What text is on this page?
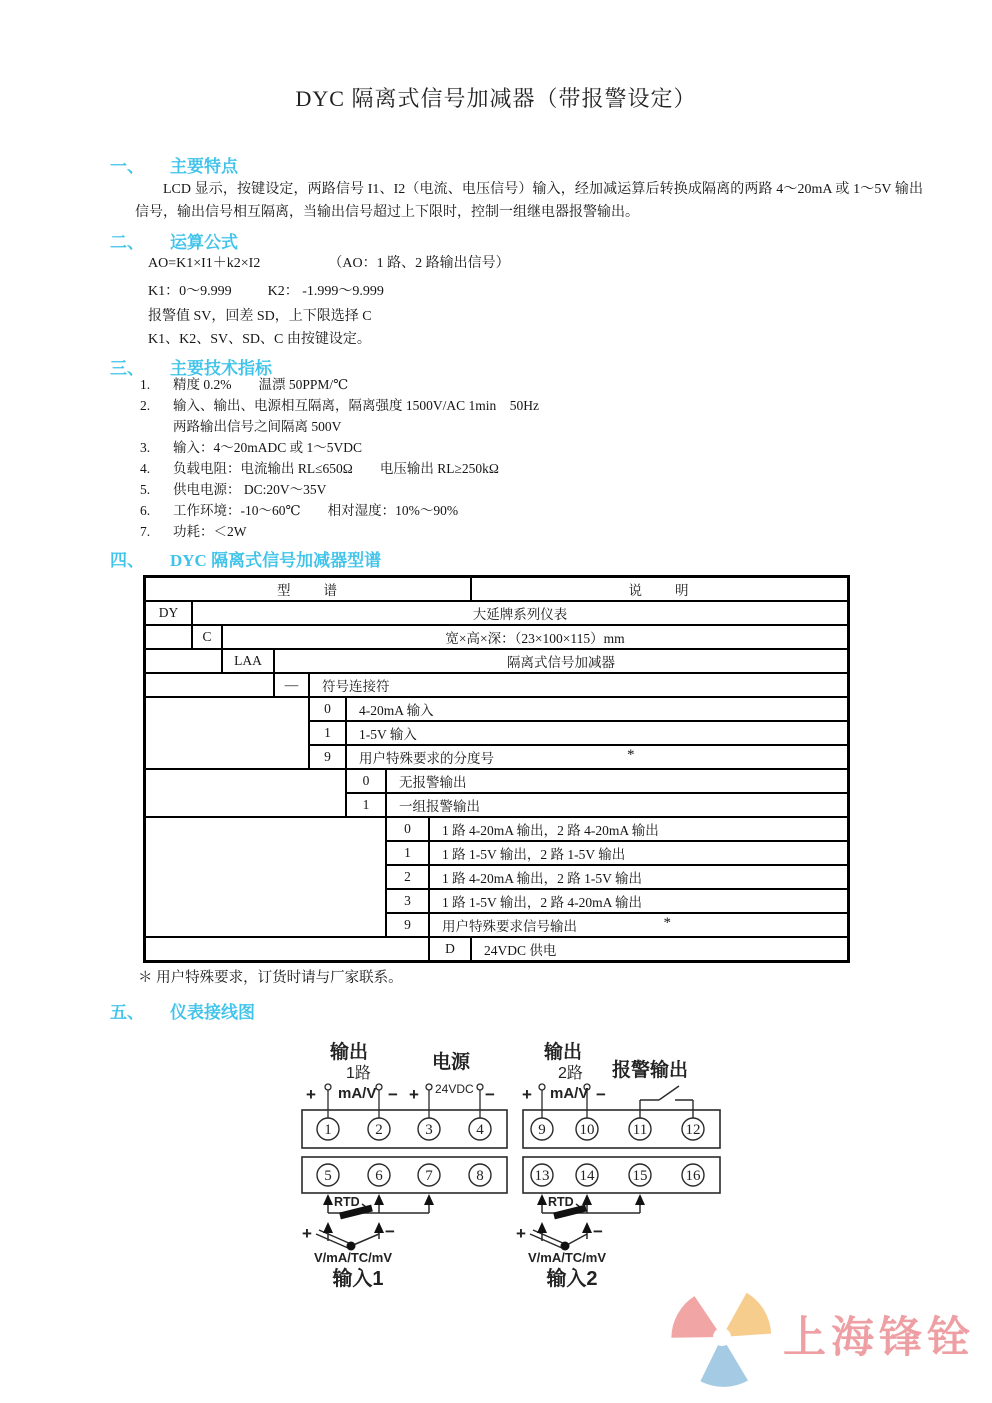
DYC 隔离式信号加减器（带报警设定）
一、 主要特点
LCD 显示，按键设定，两路信号 I1、I2（电流、电压信号）输入，经加减运算后转换成隔离的两路 4～20mA 或 1～5V 输出信号，输出信号相互隔离，当输出信号超过上下限时，控制一组继电器报警输出。
二、 运算公式
AO=K1×I1＋k2×I2	（AO：1 路、2 路输出信号）
K1：0～9.999	K2： -1.999～9.999
报警值 SV，回差 SD，上下限选择 C
K1、K2、SV、SD、C 由按键设定。
三、 主要技术指标
1. 精度 0.2%　　温漂 50PPM/℃
2. 输入、输出、电源相互隔离，隔离强度 1500V/AC 1min　50Hz
两路输出信号之间隔离 500V
3. 输入：4～20mADC 或 1～5VDC
4. 负载电阻：电流输出 RL≤650Ω　　电压输出 RL≥250kΩ
5. 供电电源： DC:20V～35V
6. 工作环境：-10～60℃　　相对湿度：10%～90%
7. 功耗：＜2W
四、 DYC 隔离式信号加减器型谱
型　　谱	说　　明
DY	大延牌系列仪表
C	宽×高×深：（23×100×115）mm
LAA	隔离式信号加减器
—	符号连接符
0	4-20mA 输入
1	1-5V 输入
9	用户特殊要求的分度号	*
0	无报警输出
1	一组报警输出
0	1 路 4-20mA 输出，2 路 4-20mA 输出
1	1 路 1-5V 输出，2 路 1-5V 输出
2	1 路 4-20mA 输出，2 路 1-5V 输出
3	1 路 1-5V 输出，2 路 4-20mA 输出
9	用户特殊要求信号输出	*
D	24VDC 供电
＊ 用户特殊要求，订货时请与厂家联系。
五、 仪表接线图
1	2	3	4
5	6	7	8
9 10	11	12
13 14	15	16
输出
1路
电源
24VDC
输出
2路 报警输出
+ mA/V − +	− + mA/V −
RTD
+	−
V/mA/TC/mV
输入1
RTD
+	−
V/mA/TC/mV
输入2
上海锋铨
